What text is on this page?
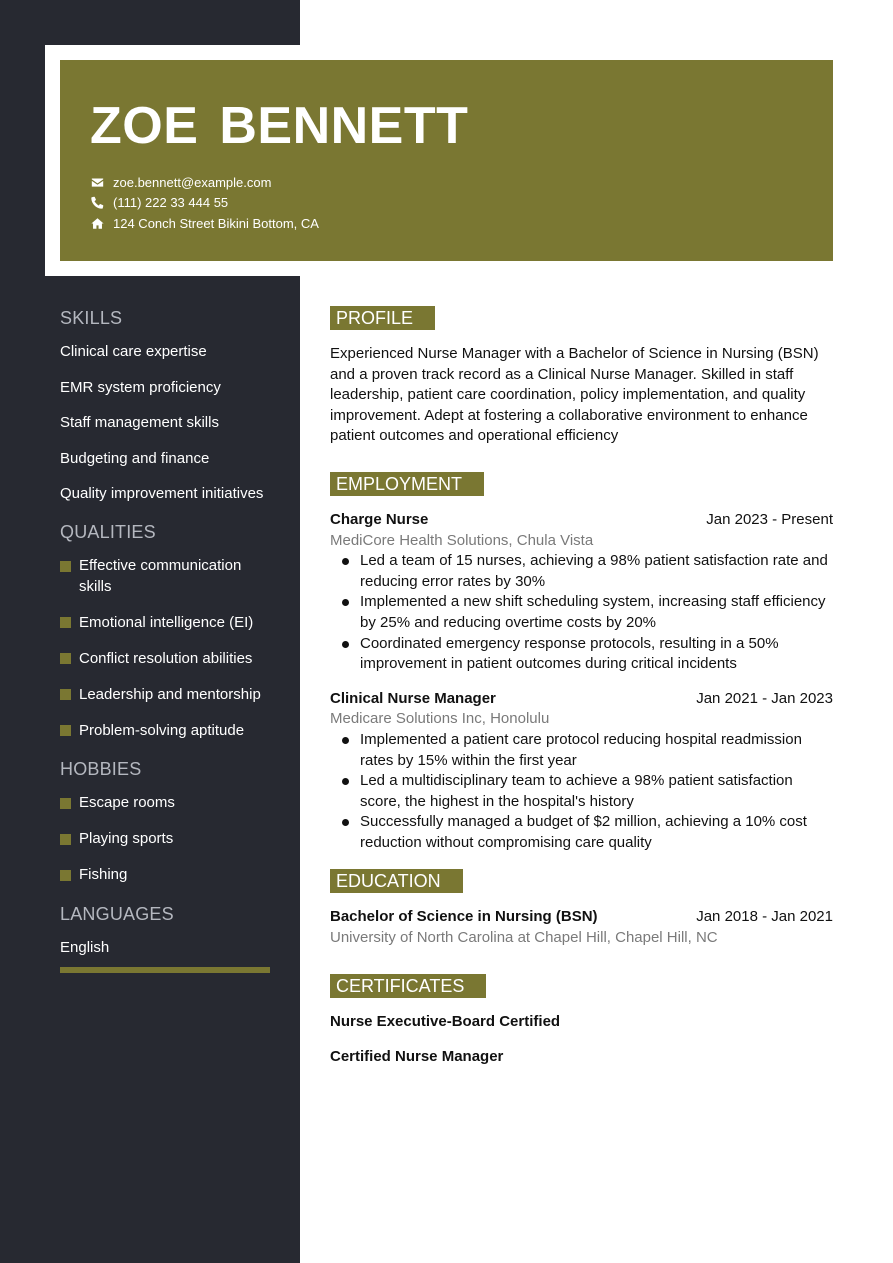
ZOE BENNETT
zoe.bennett@example.com
(111) 222 33 444 55
124 Conch Street Bikini Bottom, CA
SKILLS
Clinical care expertise
EMR system proficiency
Staff management skills
Budgeting and finance
Quality improvement initiatives
QUALITIES
Effective communication skills
Emotional intelligence (EI)
Conflict resolution abilities
Leadership and mentorship
Problem-solving aptitude
HOBBIES
Escape rooms
Playing sports
Fishing
LANGUAGES
English
PROFILE
Experienced Nurse Manager with a Bachelor of Science in Nursing (BSN) and a proven track record as a Clinical Nurse Manager. Skilled in staff leadership, patient care coordination, policy implementation, and quality improvement. Adept at fostering a collaborative environment to enhance patient outcomes and operational efficiency
EMPLOYMENT
Charge Nurse	Jan 2023 - Present
MediCore Health Solutions, Chula Vista
Led a team of 15 nurses, achieving a 98% patient satisfaction rate and reducing error rates by 30%
Implemented a new shift scheduling system, increasing staff efficiency by 25% and reducing overtime costs by 20%
Coordinated emergency response protocols, resulting in a 50% improvement in patient outcomes during critical incidents
Clinical Nurse Manager	Jan 2021 - Jan 2023
Medicare Solutions Inc, Honolulu
Implemented a patient care protocol reducing hospital readmission rates by 15% within the first year
Led a multidisciplinary team to achieve a 98% patient satisfaction score, the highest in the hospital's history
Successfully managed a budget of $2 million, achieving a 10% cost reduction without compromising care quality
EDUCATION
Bachelor of Science in Nursing (BSN)	Jan 2018 - Jan 2021
University of North Carolina at Chapel Hill, Chapel Hill, NC
CERTIFICATES
Nurse Executive-Board Certified
Certified Nurse Manager
